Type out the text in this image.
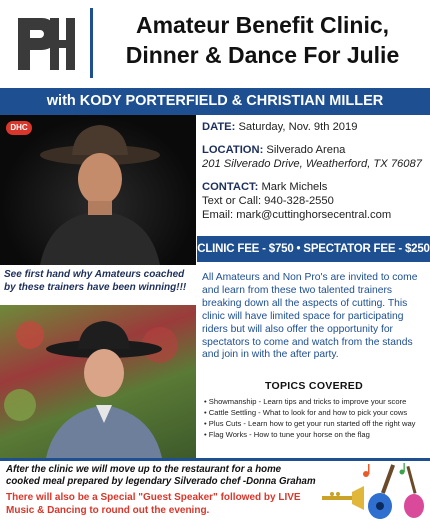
Amateur Benefit Clinic,
Dinner & Dance For Julie
with KODY PORTERFIELD & CHRISTIAN MILLER
DHC
See first hand why Amateurs coached by these trainers have been winning!!!
DATE: Saturday, Nov. 9th 2019
LOCATION: Silverado Arena
201 Silverado Drive, Weatherford, TX 76087
CONTACT: Mark Michels
Text or Call: 940-328-2550
Email: mark@cuttinghorsecentral.com
CLINIC FEE - $750 • SPECTATOR FEE - $250
All Amateurs and Non Pro's are invited to come and learn from these two talented trainers breaking down all the aspects of cutting. This clinic will have limited space for participating riders but will also offer the opportunity for spectators to come and watch from the stands and join in with the after party.
TOPICS COVERED
• Showmanship - Learn tips and tricks to improve your score
• Cattle Settling - What to look for and how to pick your cows
• Plus Cuts - Learn how to get your run started off the right way
• Flag Works - How to tune your horse on the flag
After the clinic we will move up to the restaurant for a home cooked meal prepared by legendary Silverado chef -Donna Graham
There will also be a Special "Guest Speaker" followed by LIVE Music & Dancing to round out the evening.
